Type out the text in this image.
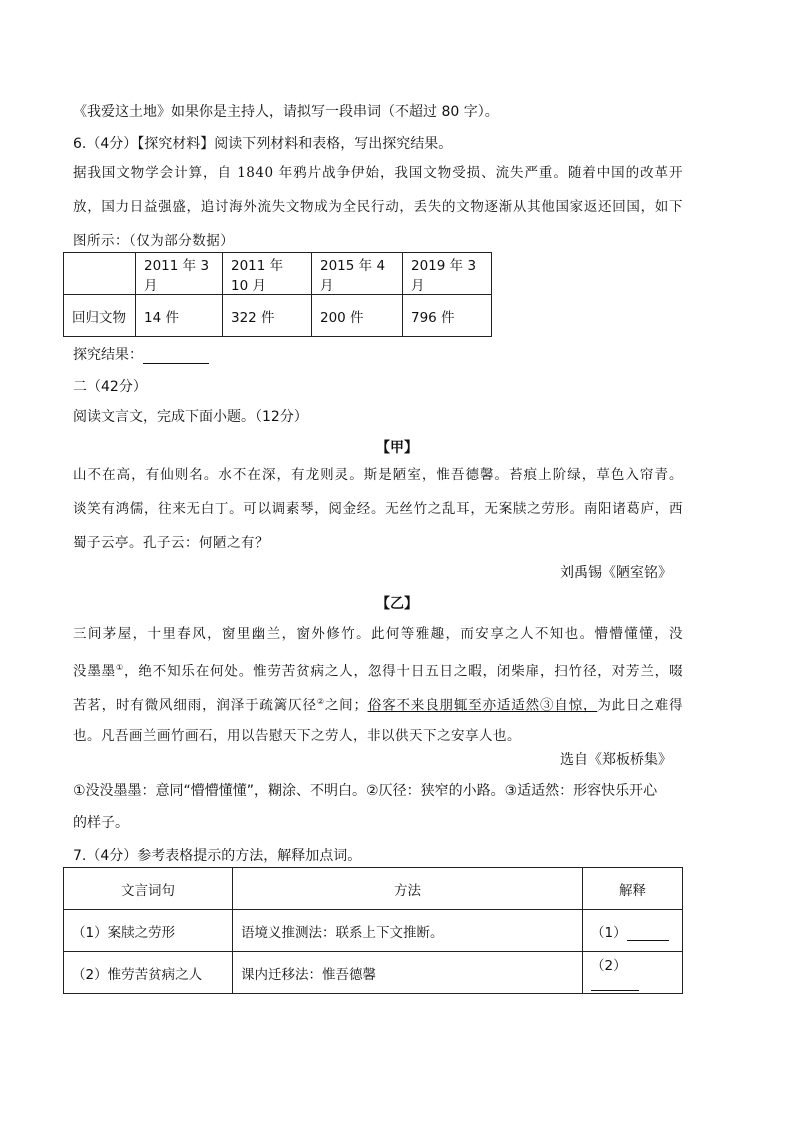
《我爱这土地》如果你是主持人，请拟写一段串词（不超过 80 字）。
6.（4分）【探究材料】阅读下列材料和表格，写出探究结果。
据我国文物学会计算，自 1840 年鸦片战争伊始，我国文物受损、流失严重。随着中国的改革开
放，国力日益强盛，追讨海外流失文物成为全民行动，丢失的文物逐渐从其他国家返还回国，如下
图所示：（仅为部分数据）
	2011 年 3 月	2011 年 10 月	2015 年 4 月	2019 年 3 月
回归文物	14 件	322 件	200 件	796 件
探究结果：
二（42分）
阅读文言文，完成下面小题。（12分）
【甲】
山不在高，有仙则名。水不在深，有龙则灵。斯是陋室，惟吾德馨。苔痕上阶绿，草色入帘青。
谈笑有鸿儒，往来无白丁。可以调素琴，阅金经。无丝竹之乱耳，无案牍之劳形。南阳诸葛庐，西
蜀子云亭。孔子云：何陋之有？
刘禹锡《陋室铭》
【乙】
三间茅屋，十里春风，窗里幽兰，窗外修竹。此何等雅趣，而安享之人不知也。懵懵懂懂，没
没墨墨①，绝不知乐在何处。惟劳苦贫病之人，忽得十日五日之暇，闭柴扉，扫竹径，对芳兰，啜
苦茗，时有微风细雨，润泽于疏篱仄径②之间；俗客不来良朋辄至亦适适然③自惊，为此日之难得
也。凡吾画兰画竹画石，用以告慰天下之劳人，非以供天下之安享人也。
选自《郑板桥集》
①没没墨墨：意同“懵懵懂懂”，糊涂、不明白。②仄径：狭窄的小路。③适适然：形容快乐开心
的样子。
7.（4分）参考表格提示的方法，解释加点词。
文言词句	方法	解释
（1）案牍之劳形	语境义推测法：联系上下文推断。	（1）
（2）惟劳苦贫病之人	课内迁移法：惟吾德馨	（2）
